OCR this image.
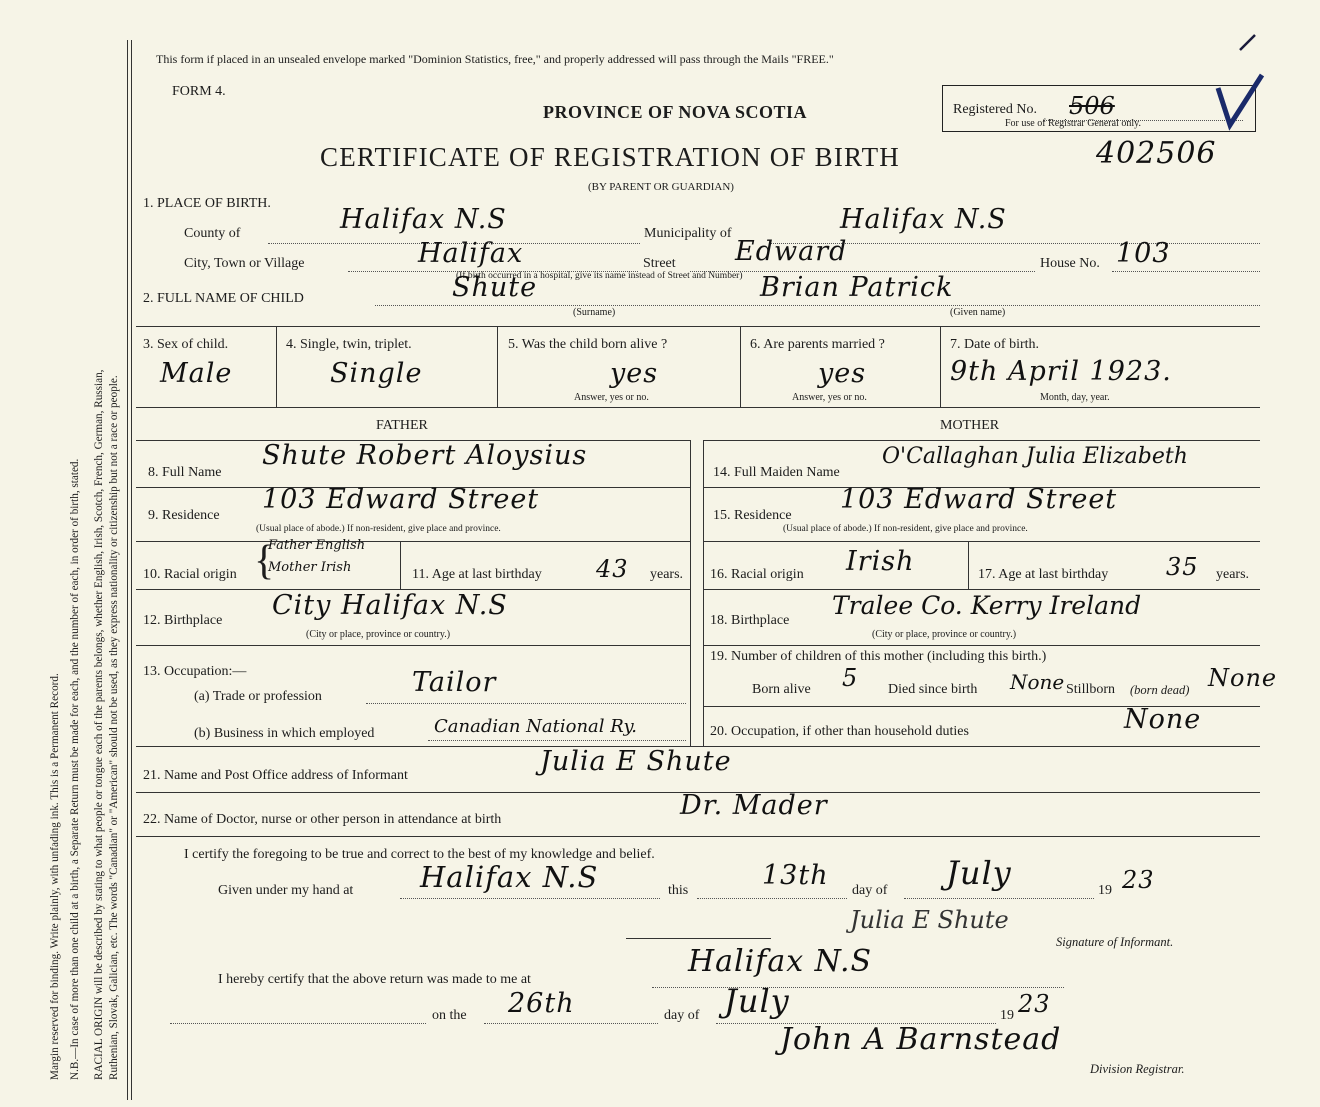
Margin reserved for binding. Write plainly, with unfading ink. This is a Permanent Record. N.B.—In case of more than one child at a birth, a Separate Return must be made for each, and the number of each, in order of birth, stated. RACIAL ORIGIN will be described by stating to what people or tongue each of the parents belongs, whether English, Irish, Scotch, French, German, Russian, Ruthenian, Slovak, Galician, etc. The words "Canadian" or "American" should not be used, as they express nationality or citizenship but not a race or people.
This form if placed in an unsealed envelope marked "Dominion Statistics, free," and properly addressed will pass through the Mails "FREE."
FORM 4.
PROVINCE OF NOVA SCOTIA
CERTIFICATE OF REGISTRATION OF BIRTH	402506
(BY PARENT OR GUARDIAN)
Registered No. 506
For use of Registrar General only.
1. PLACE OF BIRTH.
County of	Halifax N.S	Municipality of	Halifax N.S
City, Town or Village	Halifax	Street Edward	House No. 103
(If birth occurred in a hospital, give its name instead of Street and Number)
2. FULL NAME OF CHILD	Shute	Brian Patrick
(Surname)	(Given name)
3. Sex of child.
Male
4. Single, twin, triplet.
Single
5. Was the child born alive ?
yes
Answer, yes or no.
6. Are parents married ?
yes
Answer, yes or no.
7. Date of birth.
9th April 1923.
Month, day, year.
FATHER	MOTHER
8. Full Name
Shute Robert Aloysius
9. Residence
103 Edward Street
(Usual place of abode.) If non-resident, give place and province.
10. Racial origin {
Father English
Mother Irish	11. Age at last birthday 43 years.
12. Birthplace City Halifax N.S
(City or place, province or country.)
13. Occupation:—
(a) Trade or profession	Tailor
(b) Business in which employed	Canadian National Ry.
14. Full Maiden Name
O'Callaghan Julia Elizabeth
15. Residence
103 Edward Street
(Usual place of abode.) If non-resident, give place and province.
16. Racial origin Irish	17. Age at last birthday 35 years.
18. Birthplace
Tralee Co. Kerry Ireland
(City or place, province or country.)
19. Number of children of this mother (including this birth.)
Born alive 5 Died since birth None Stillborn (born dead) None
20. Occupation, if other than household duties	None
21. Name and Post Office address of Informant	Julia E Shute
22. Name of Doctor, nurse or other person in attendance at birth	Dr. Mader
I certify the foregoing to be true and correct to the best of my knowledge and belief.
Given under my hand at Halifax N.S	this	13th day of July	19 23
Julia E Shute
Signature of Informant.
I hereby certify that the above return was made to me at
Halifax N.S
on the 26th	day of July	19 23
John A Barnstead
Division Registrar.
